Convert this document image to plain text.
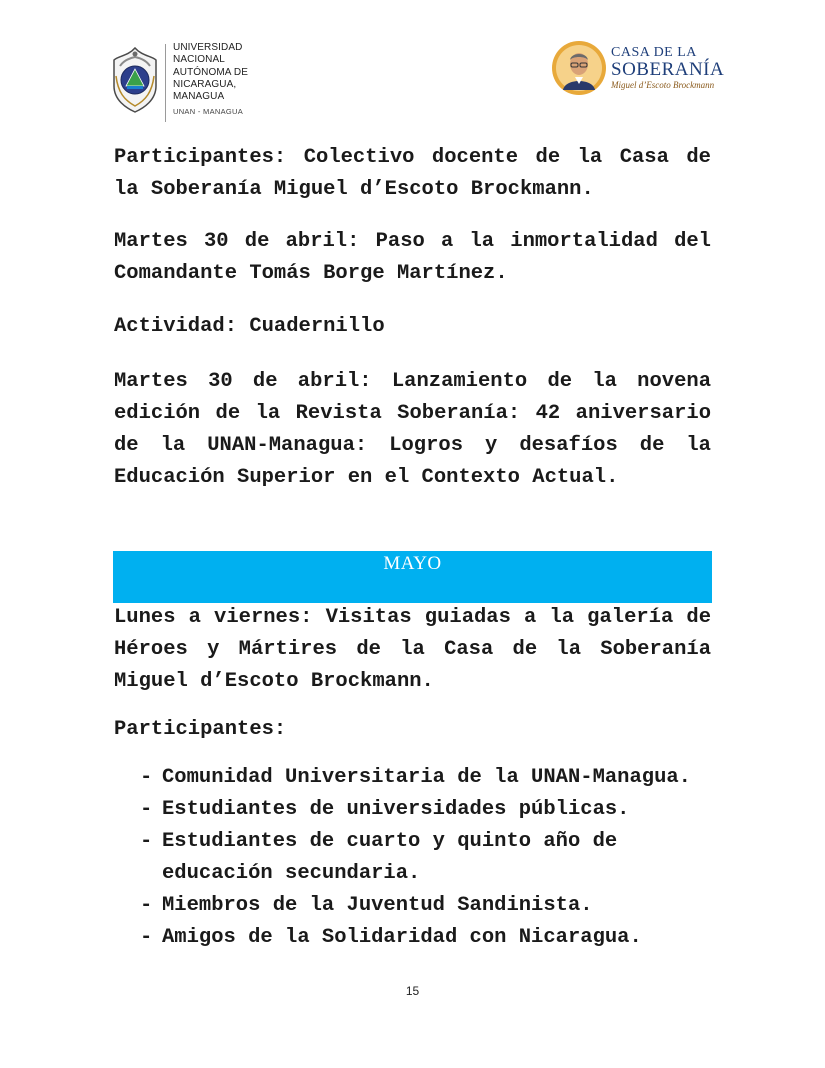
UNIVERSIDAD
NACIONAL
AUTÓNOMA DE
NICARAGUA,
MANAGUA
UNAN - MANAGUA
CASA DE LA
SOBERANÍA
Miguel d’Escoto Brockmann

Participantes: Colectivo docente de la Casa de la Soberanía Miguel d’Escoto Brockmann.

Martes 30 de abril: Paso a la inmortalidad del Comandante Tomás Borge Martínez.

Actividad: Cuadernillo

Martes 30 de abril: Lanzamiento de la novena edición de la Revista Soberanía: 42 aniversario de la UNAN-Managua: Logros y desafíos de la Educación Superior en el Contexto Actual.

MAYO

Lunes a viernes: Visitas guiadas a la galería de Héroes y Mártires de la Casa de la Soberanía Miguel d’Escoto Brockmann.

Participantes:

- Comunidad Universitaria de la UNAN-Managua.
- Estudiantes de universidades públicas.
- Estudiantes de cuarto y quinto año de educación secundaria.
- Miembros de la Juventud Sandinista.
- Amigos de la Solidaridad con Nicaragua.
15
